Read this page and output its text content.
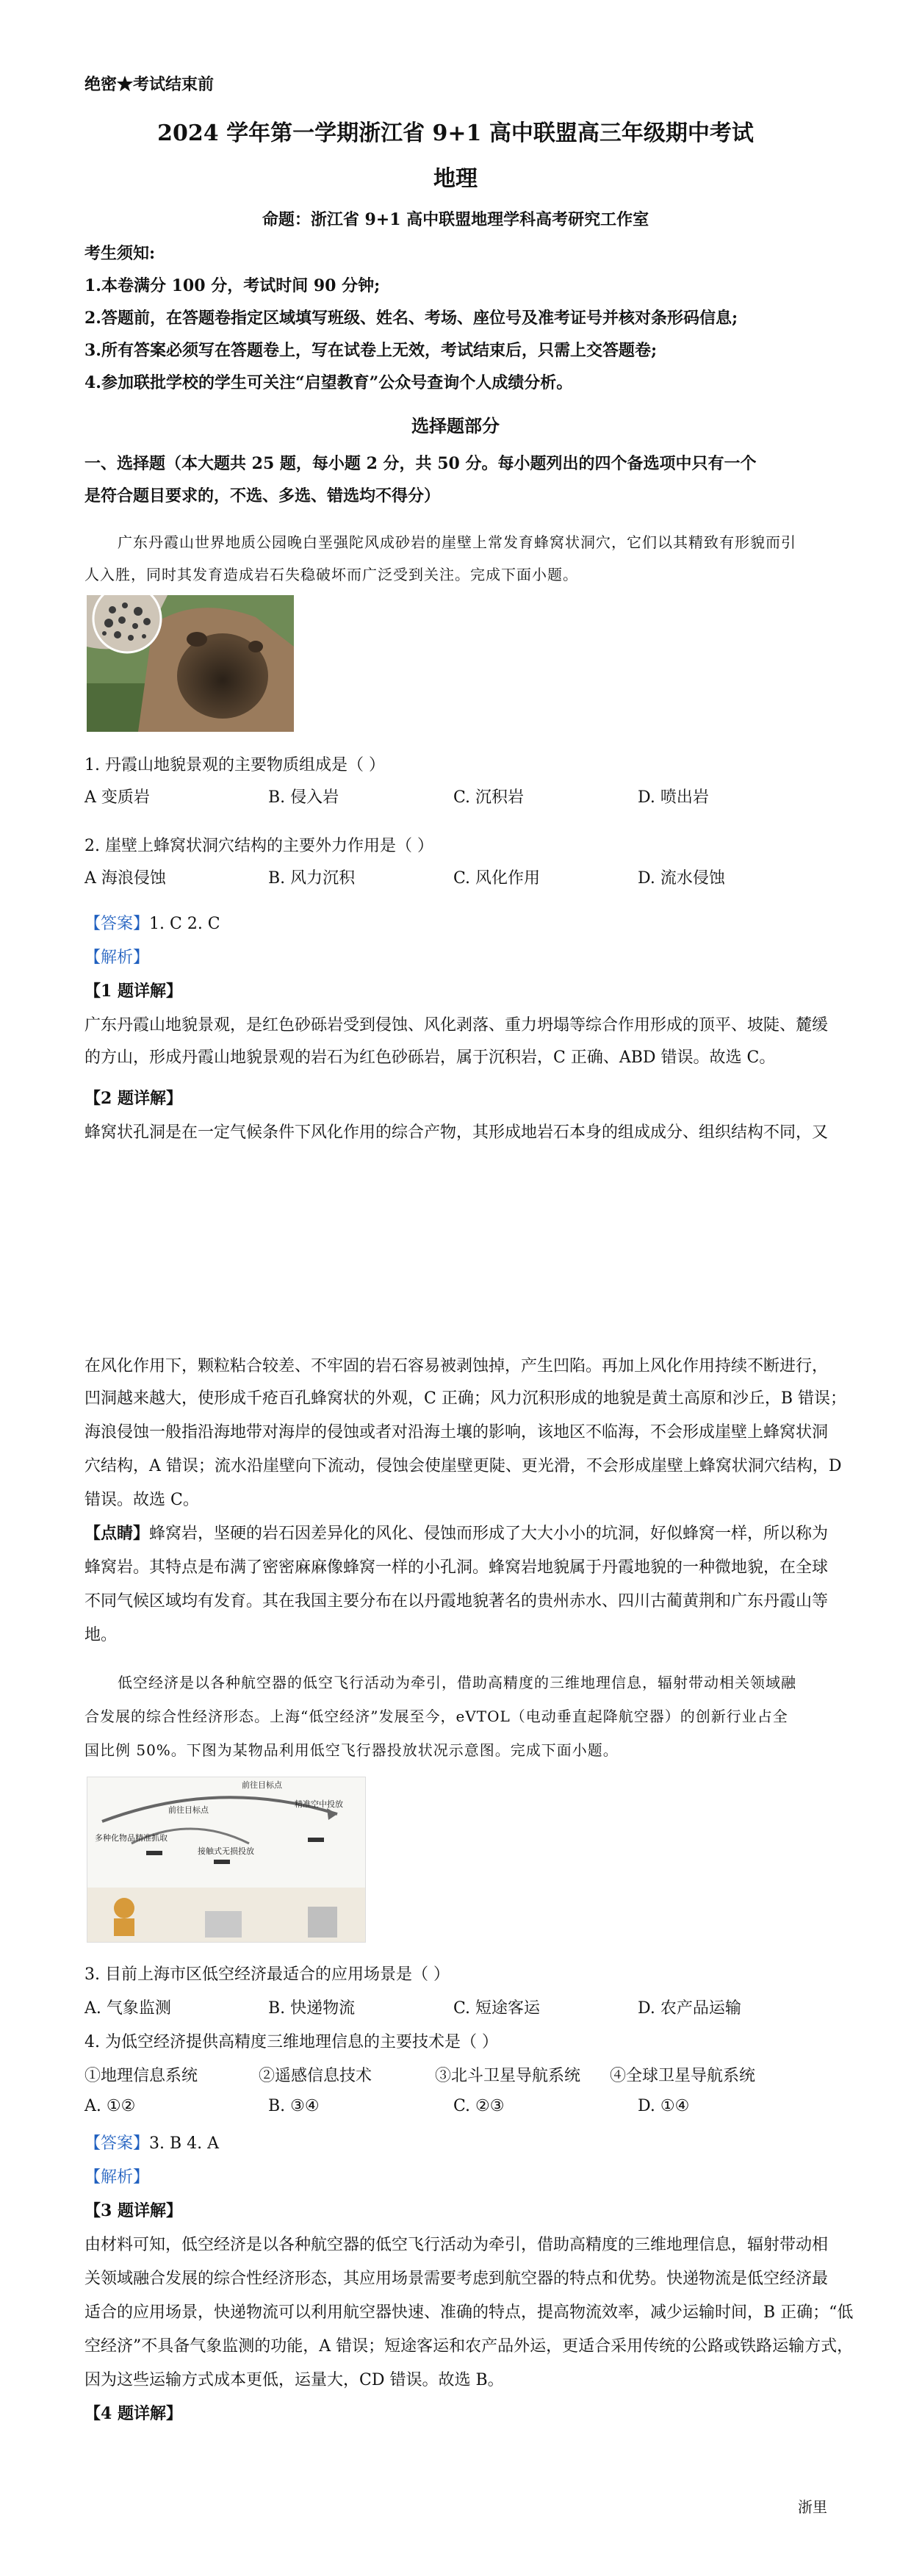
绝密★考试结束前
2024 学年第一学期浙江省 9+1 高中联盟高三年级期中考试
地理
命题：浙江省 9+1 高中联盟地理学科高考研究工作室
考生须知:
1.本卷满分 100 分，考试时间 90 分钟;
2.答题前，在答题卷指定区域填写班级、姓名、考场、座位号及准考证号并核对条形码信息;
3.所有答案必须写在答题卷上，写在试卷上无效，考试结束后，只需上交答题卷;
4.参加联批学校的学生可关注“启望教育”公众号查询个人成绩分析。
选择题部分
一、选择题（本大题共 25 题，每小题 2 分，共 50 分。每小题列出的四个备选项中只有一个
是符合题目要求的，不选、多选、错选均不得分）
广东丹霞山世界地质公园晚白垩强陀风成砂岩的崖壁上常发育蜂窝状洞穴，它们以其精致有形貌而引
人入胜，同时其发育造成岩石失稳破坏而广泛受到关注。完成下面小题。
1. 丹霞山地貌景观的主要物质组成是（ ）
A 变质岩	B. 侵入岩	C. 沉积岩	D. 喷出岩
2. 崖壁上蜂窝状洞穴结构的主要外力作用是（ ）
A 海浪侵蚀	B. 风力沉积	C. 风化作用	D. 流水侵蚀
【答案】1. C 2. C
【解析】
【1 题详解】
广东丹霞山地貌景观，是红色砂砾岩受到侵蚀、风化剥落、重力坍塌等综合作用形成的顶平、坡陡、麓缓
的方山，形成丹霞山地貌景观的岩石为红色砂砾岩，属于沉积岩，C 正确、ABD 错误。故选 C。
【2 题详解】
蜂窝状孔洞是在一定气候条件下风化作用的综合产物，其形成地岩石本身的组成成分、组织结构不同，又
在风化作用下，颗粒粘合较差、不牢固的岩石容易被剥蚀掉，产生凹陷。再加上风化作用持续不断进行，
凹洞越来越大，使形成千疮百孔蜂窝状的外观，C 正确；风力沉积形成的地貌是黄土高原和沙丘，B 错误；
海浪侵蚀一般指沿海地带对海岸的侵蚀或者对沿海土壤的影响，该地区不临海，不会形成崖壁上蜂窝状洞
穴结构，A 错误；流水沿崖壁向下流动，侵蚀会使崖壁更陡、更光滑，不会形成崖壁上蜂窝状洞穴结构，D
错误。故选 C。
【点睛】蜂窝岩，坚硬的岩石因差异化的风化、侵蚀而形成了大大小小的坑洞，好似蜂窝一样，所以称为
蜂窝岩。其特点是布满了密密麻麻像蜂窝一样的小孔洞。蜂窝岩地貌属于丹霞地貌的一种微地貌，在全球
不同气候区域均有发育。其在我国主要分布在以丹霞地貌著名的贵州赤水、四川古蔺黄荆和广东丹霞山等
地。
低空经济是以各种航空器的低空飞行活动为牵引，借助高精度的三维地理信息，辐射带动相关领域融
合发展的综合性经济形态。上海“低空经济”发展至今，eVTOL（电动垂直起降航空器）的创新行业占全
国比例 50%。下图为某物品利用低空飞行器投放状况示意图。完成下面小题。
前往目标点
前往目标点
精准空中投放
多种化物品精准抓取
接触式无损投放
3. 目前上海市区低空经济最适合的应用场景是（ ）
A. 气象监测	B. 快递物流	C. 短途客运	D. 农产品运输
4. 为低空经济提供高精度三维地理信息的主要技术是（ ）
①地理信息系统	②遥感信息技术	③北斗卫星导航系统 ④全球卫星导航系统
A. ①②	B. ③④	C. ②③	D. ①④
【答案】3. B 4. A
【解析】
【3 题详解】
由材料可知，低空经济是以各种航空器的低空飞行活动为牵引，借助高精度的三维地理信息，辐射带动相
关领域融合发展的综合性经济形态，其应用场景需要考虑到航空器的特点和优势。快递物流是低空经济最
适合的应用场景，快递物流可以利用航空器快速、准确的特点，提高物流效率，减少运输时间，B 正确；“低
空经济”不具备气象监测的功能，A 错误；短途客运和农产品外运，更适合采用传统的公路或铁路运输方式，
因为这些运输方式成本更低，运量大，CD 错误。故选 B。
【4 题详解】
浙里
